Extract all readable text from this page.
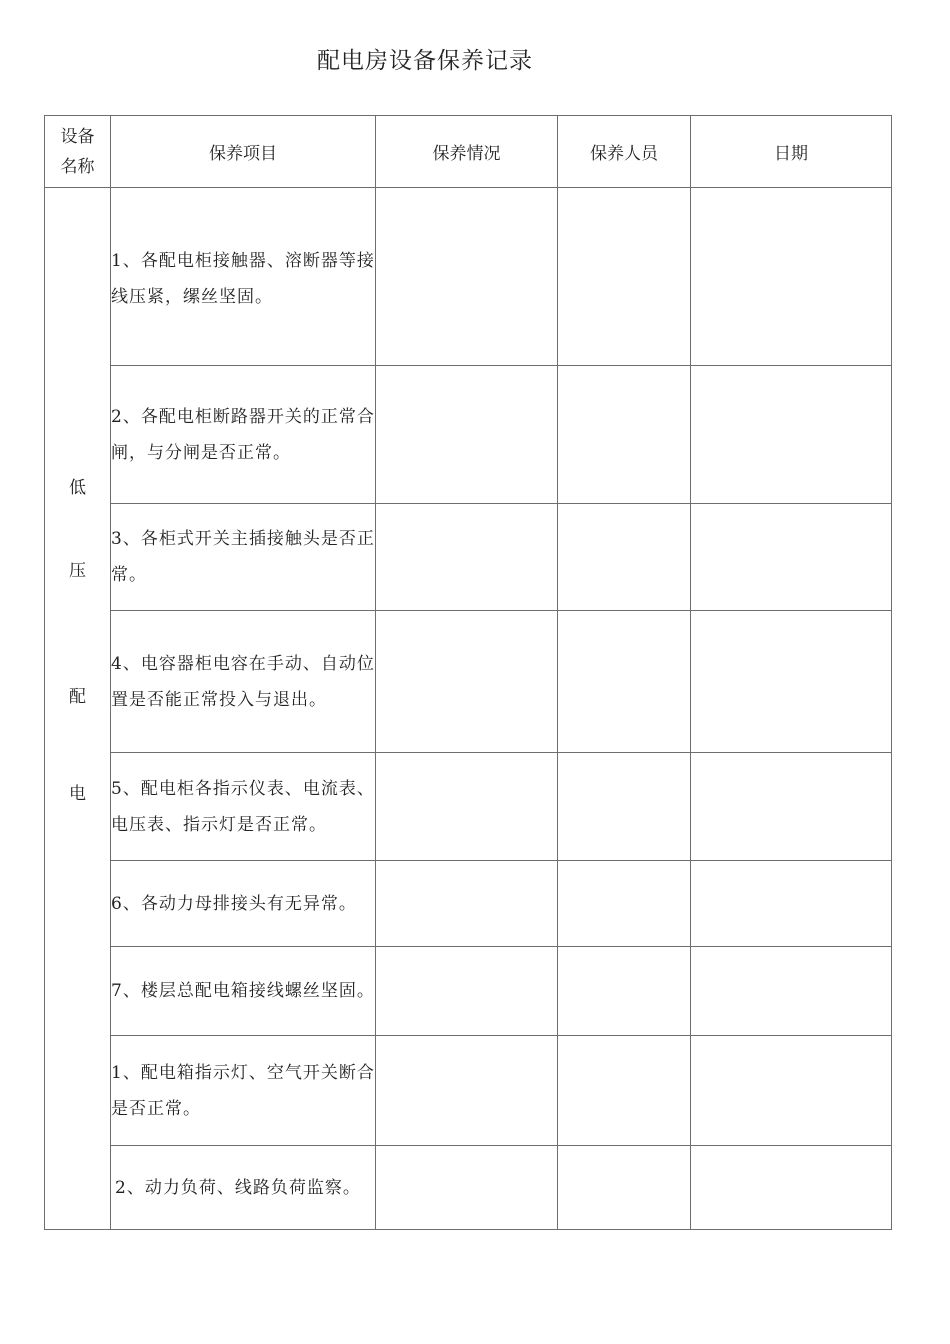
配电房设备保养记录
设备
名称	保养项目	保养情况	保养人员	日期

低
压
配
电	1、各配电柜接触器、溶断器等接线压紧，缧丝坚固。			
	2、各配电柜断路器开关的正常合闸，与分闸是否正常。			
	3、各柜式开关主插接触头是否正常。			
	4、电容器柜电容在手动、自动位置是否能正常投入与退出。			
	5、配电柜各指示仪表、电流表、电压表、指示灯是否正常。			
	6、各动力母排接头有无异常。			
	7、楼层总配电箱接线螺丝坚固。			
	1、配电箱指示灯、空气开关断合是否正常。			
	2、动力负荷、线路负荷监察。			
